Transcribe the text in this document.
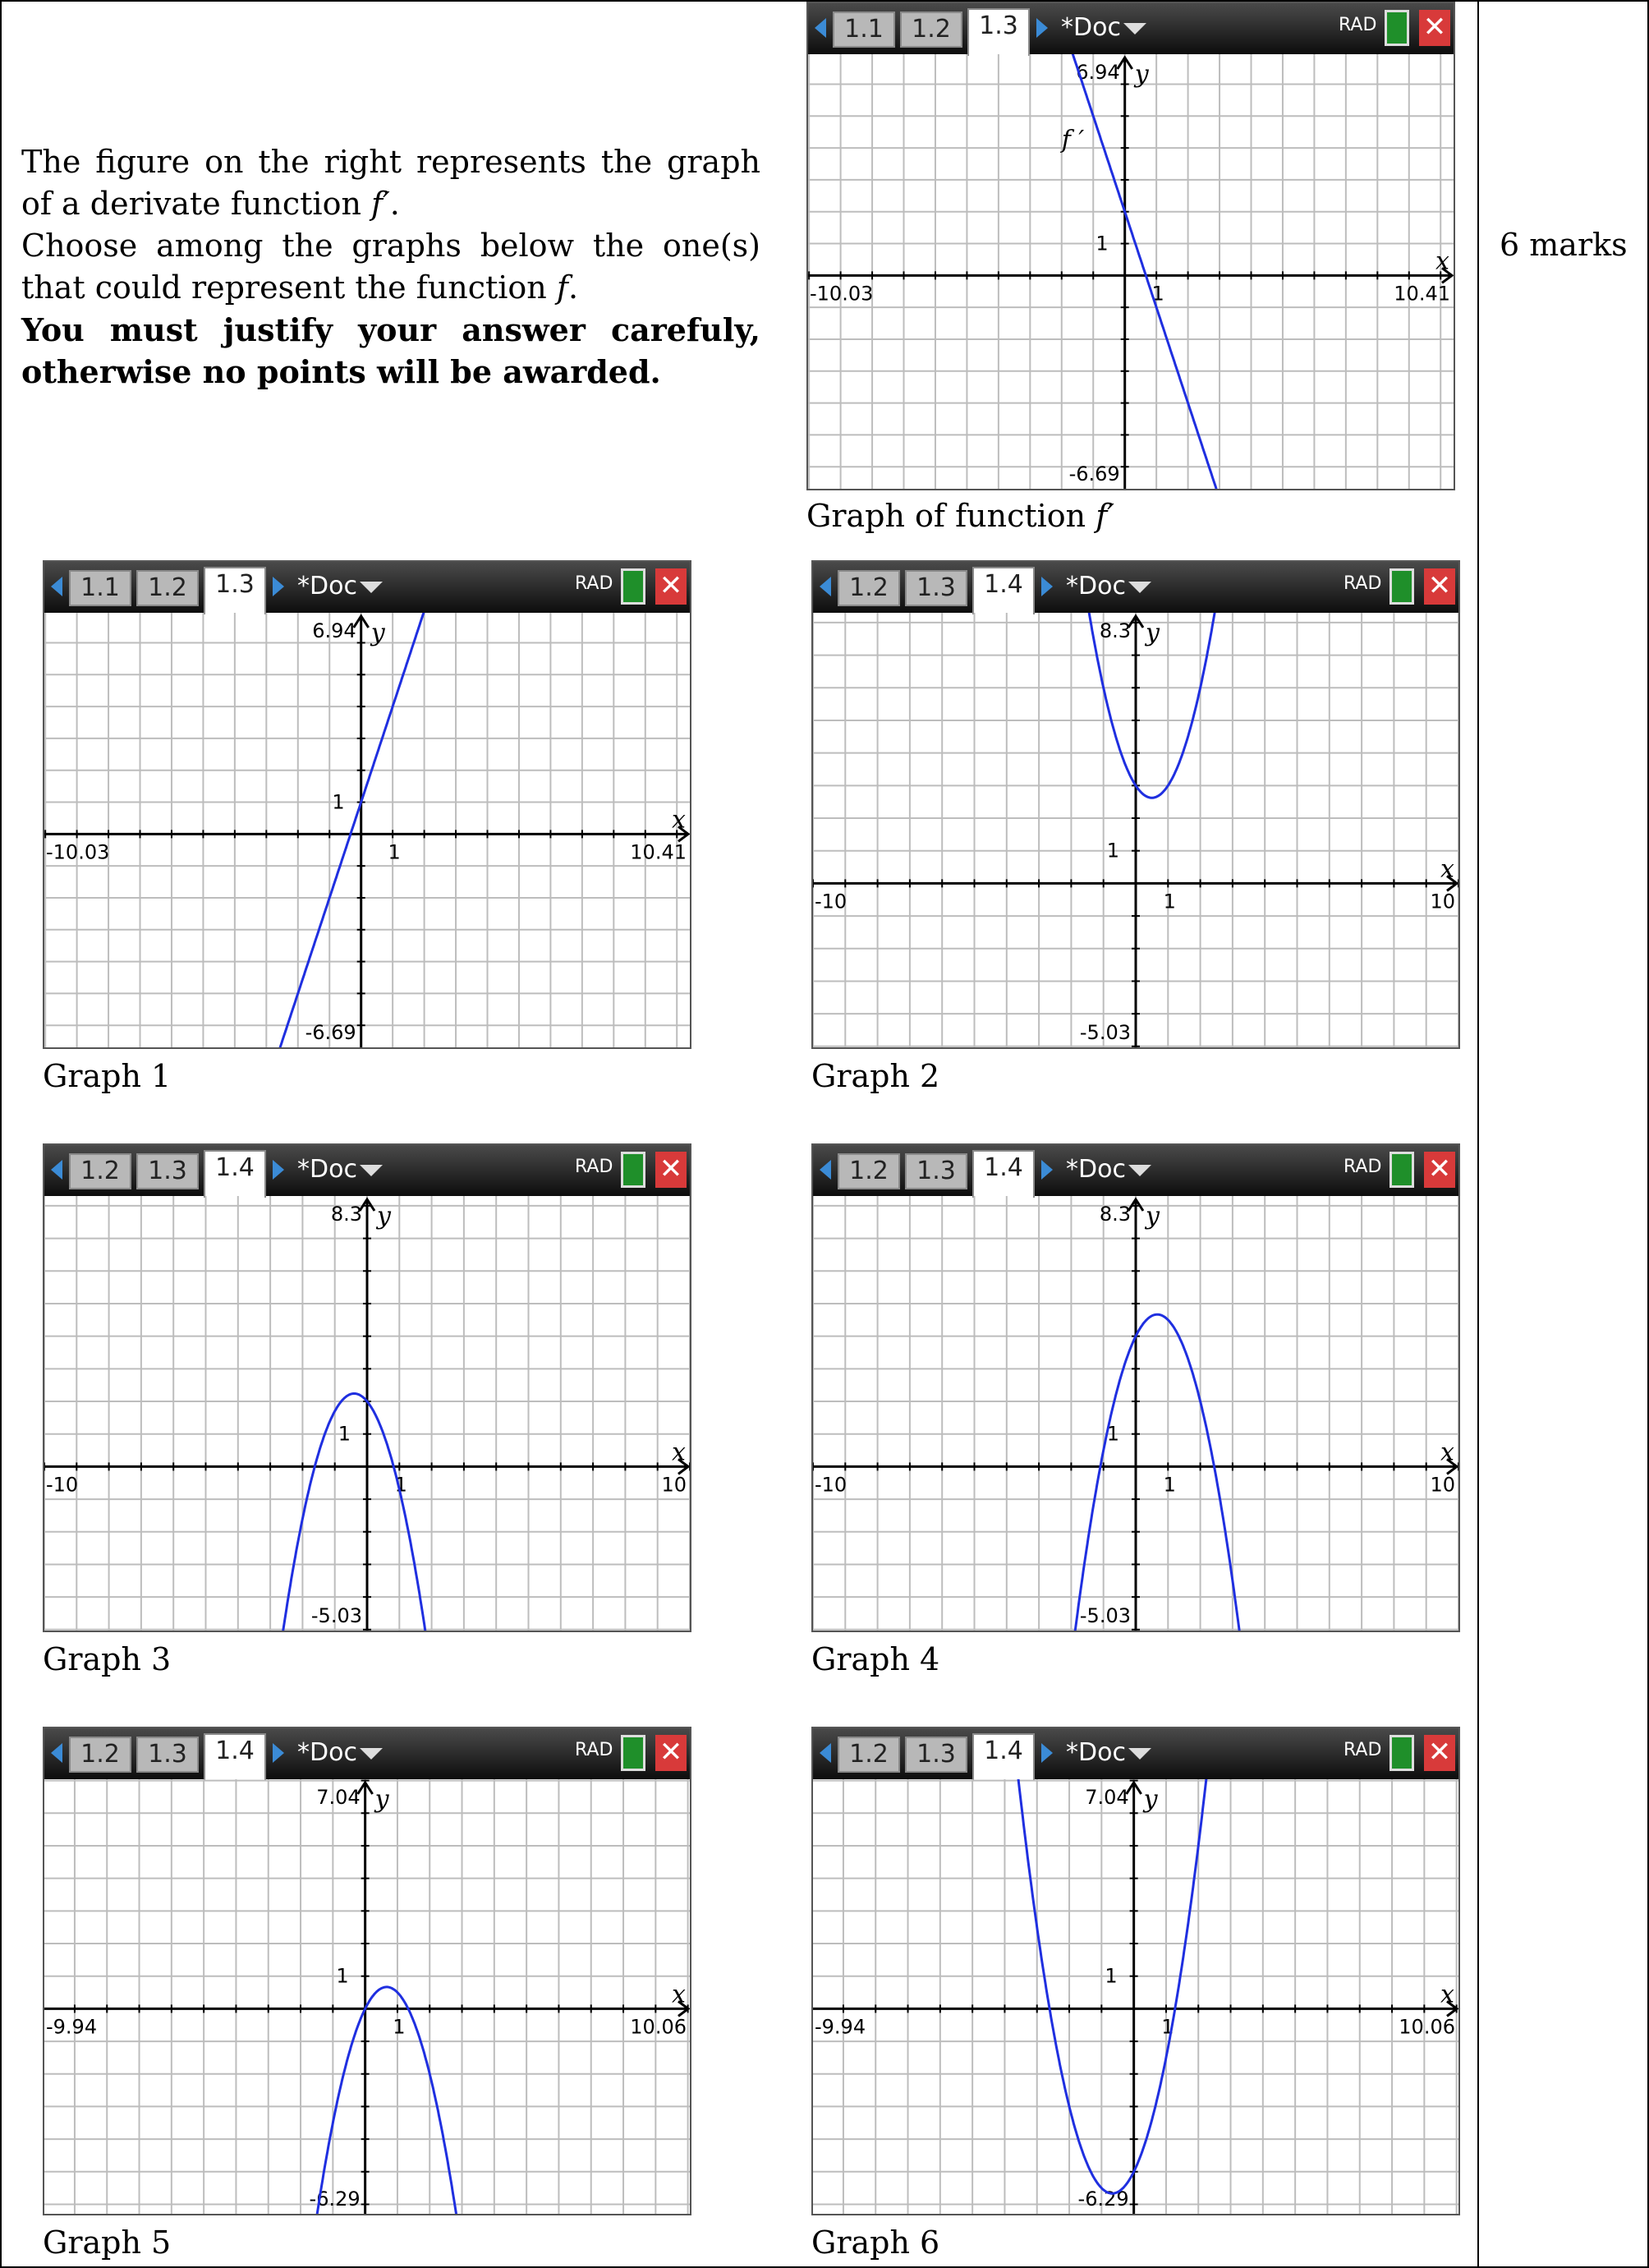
The figure on the right represents the graph of a derivate function f′.
Choose among the graphs below the one(s) that could represent the function f.
You must justify your answer carefuly, otherwise no points will be awarded.
6 marks
1.1	1.2	1.3	*Doc	RAD ✕
6.94
-6.69
-10.03	10.41
x
y
1
1
f ′
1.1	1.2	1.3	*Doc	RAD ✕
6.94
-6.69
-10.03	10.41
x
y
1
1
1.2	1.3	1.4	*Doc	RAD ✕
8.3
-5.03
-10	10
x
y
1
1
1.2	1.3	1.4	*Doc	RAD ✕
8.3
-5.03
-10	10
x
y
1
1
1.2	1.3	1.4	*Doc	RAD ✕
8.3
-5.03
-10	10
x
y
1
1
1.2	1.3	1.4	*Doc	RAD ✕
7.04
-6.29
-9.94	10.06
x
y
1
1
1.2	1.3	1.4	*Doc	RAD ✕
7.04
-6.29
-9.94	10.06
x
y
1
1
Graph of function f′
Graph 1	Graph 2
Graph 3	Graph 4
Graph 5	Graph 6
